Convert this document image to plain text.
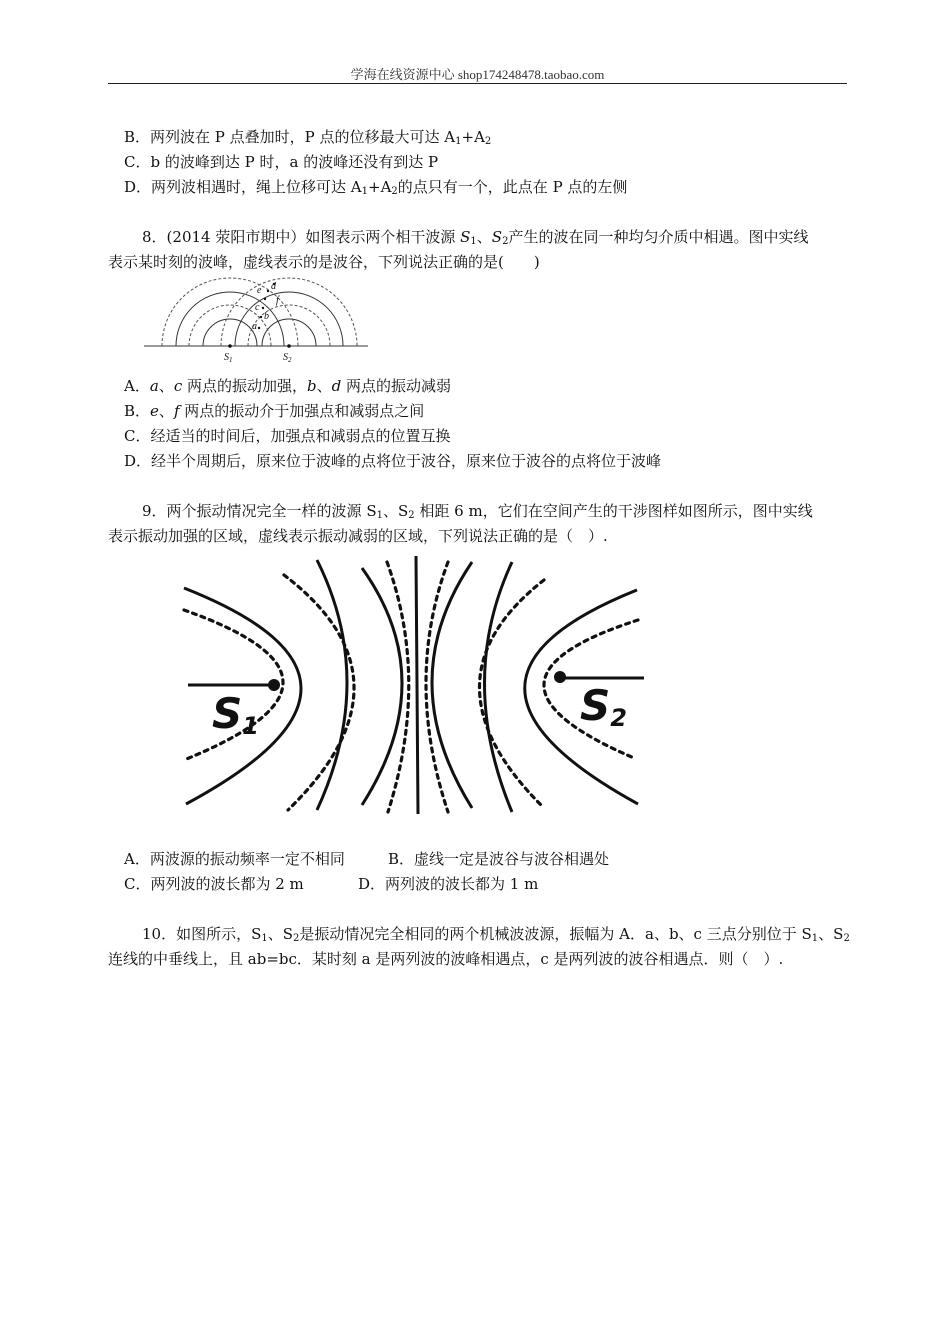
学海在线资源中心 shop174248478.taobao.com
B．两列波在 P 点叠加时，P 点的位移最大可达 $A_1+A_2$
C．b 的波峰到达 P 时，a 的波峰还没有到达 P
D．两列波相遇时，绳上位移可达 $A_1+A_2$的点只有一个，此点在 P 点的左侧
8．(2014 荥阳市期中）如图表示两个相干波源 $S_1$、$S_2$产生的波在同一种均匀介质中相遇。图中实线
表示某时刻的波峰，虚线表示的是波谷，下列说法正确的是(　　)
$S_1$	$S_2$
a
b
c
d
e
f
A．a、c 两点的振动加强，b、d 两点的振动减弱
B．e、f 两点的振动介于加强点和减弱点之间
C．经适当的时间后，加强点和减弱点的位置互换
D．经半个周期后，原来位于波峰的点将位于波谷，原来位于波谷的点将位于波峰
9．两个振动情况完全一样的波源 $S_1$、$S_2$ 相距 6 m，它们在空间产生的干涉图样如图所示，图中实线
表示振动加强的区域，虚线表示振动减弱的区域，下列说法正确的是（　）.
S1	S2
A．两波源的振动频率一定不相同	B．虚线一定是波谷与波谷相遇处
C．两列波的波长都为 2 m	D．两列波的波长都为 1 m
10．如图所示，$S_1$、$S_2$是振动情况完全相同的两个机械波波源，振幅为 A．a、b、c 三点分别位于 $S_1$、$S_2$
连线的中垂线上，且 ab=bc．某时刻 a 是两列波的波峰相遇点，c 是两列波的波谷相遇点．则（　）.
